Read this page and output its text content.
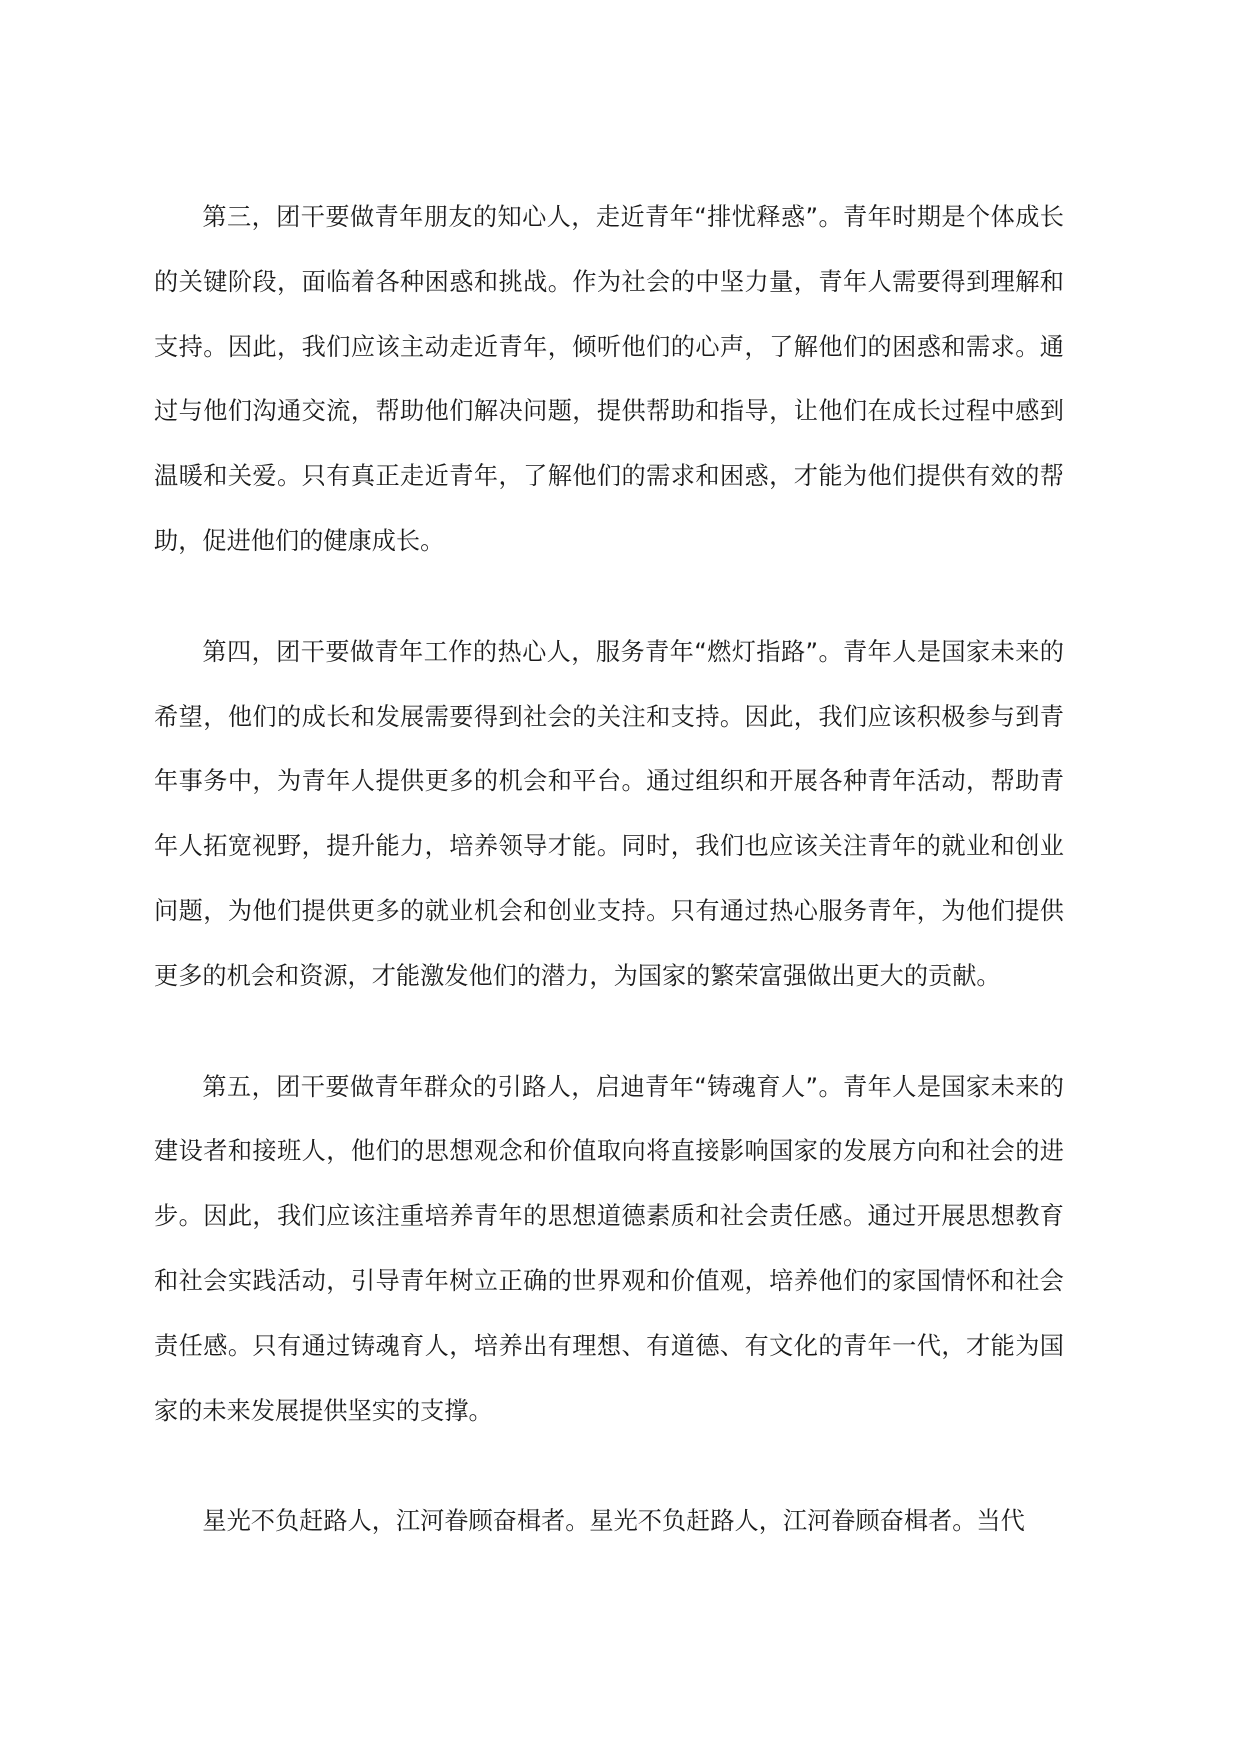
第三，团干要做青年朋友的知心人，走近青年“排忧释惑”。青年时期是个体成长的关键阶段，面临着各种困惑和挑战。作为社会的中坚力量，青年人需要得到理解和支持。因此，我们应该主动走近青年，倾听他们的心声，了解他们的困惑和需求。通过与他们沟通交流，帮助他们解决问题，提供帮助和指导，让他们在成长过程中感到温暖和关爱。只有真正走近青年，了解他们的需求和困惑，才能为他们提供有效的帮助，促进他们的健康成长。

第四，团干要做青年工作的热心人，服务青年“燃灯指路”。青年人是国家未来的希望，他们的成长和发展需要得到社会的关注和支持。因此，我们应该积极参与到青年事务中，为青年人提供更多的机会和平台。通过组织和开展各种青年活动，帮助青年人拓宽视野，提升能力，培养领导才能。同时，我们也应该关注青年的就业和创业问题，为他们提供更多的就业机会和创业支持。只有通过热心服务青年，为他们提供更多的机会和资源，才能激发他们的潜力，为国家的繁荣富强做出更大的贡献。

第五，团干要做青年群众的引路人，启迪青年“铸魂育人”。青年人是国家未来的建设者和接班人，他们的思想观念和价值取向将直接影响国家的发展方向和社会的进步。因此，我们应该注重培养青年的思想道德素质和社会责任感。通过开展思想教育和社会实践活动，引导青年树立正确的世界观和价值观，培养他们的家国情怀和社会责任感。只有通过铸魂育人，培养出有理想、有道德、有文化的青年一代，才能为国家的未来发展提供坚实的支撑。

星光不负赶路人，江河眷顾奋楫者。星光不负赶路人，江河眷顾奋楫者。当代
